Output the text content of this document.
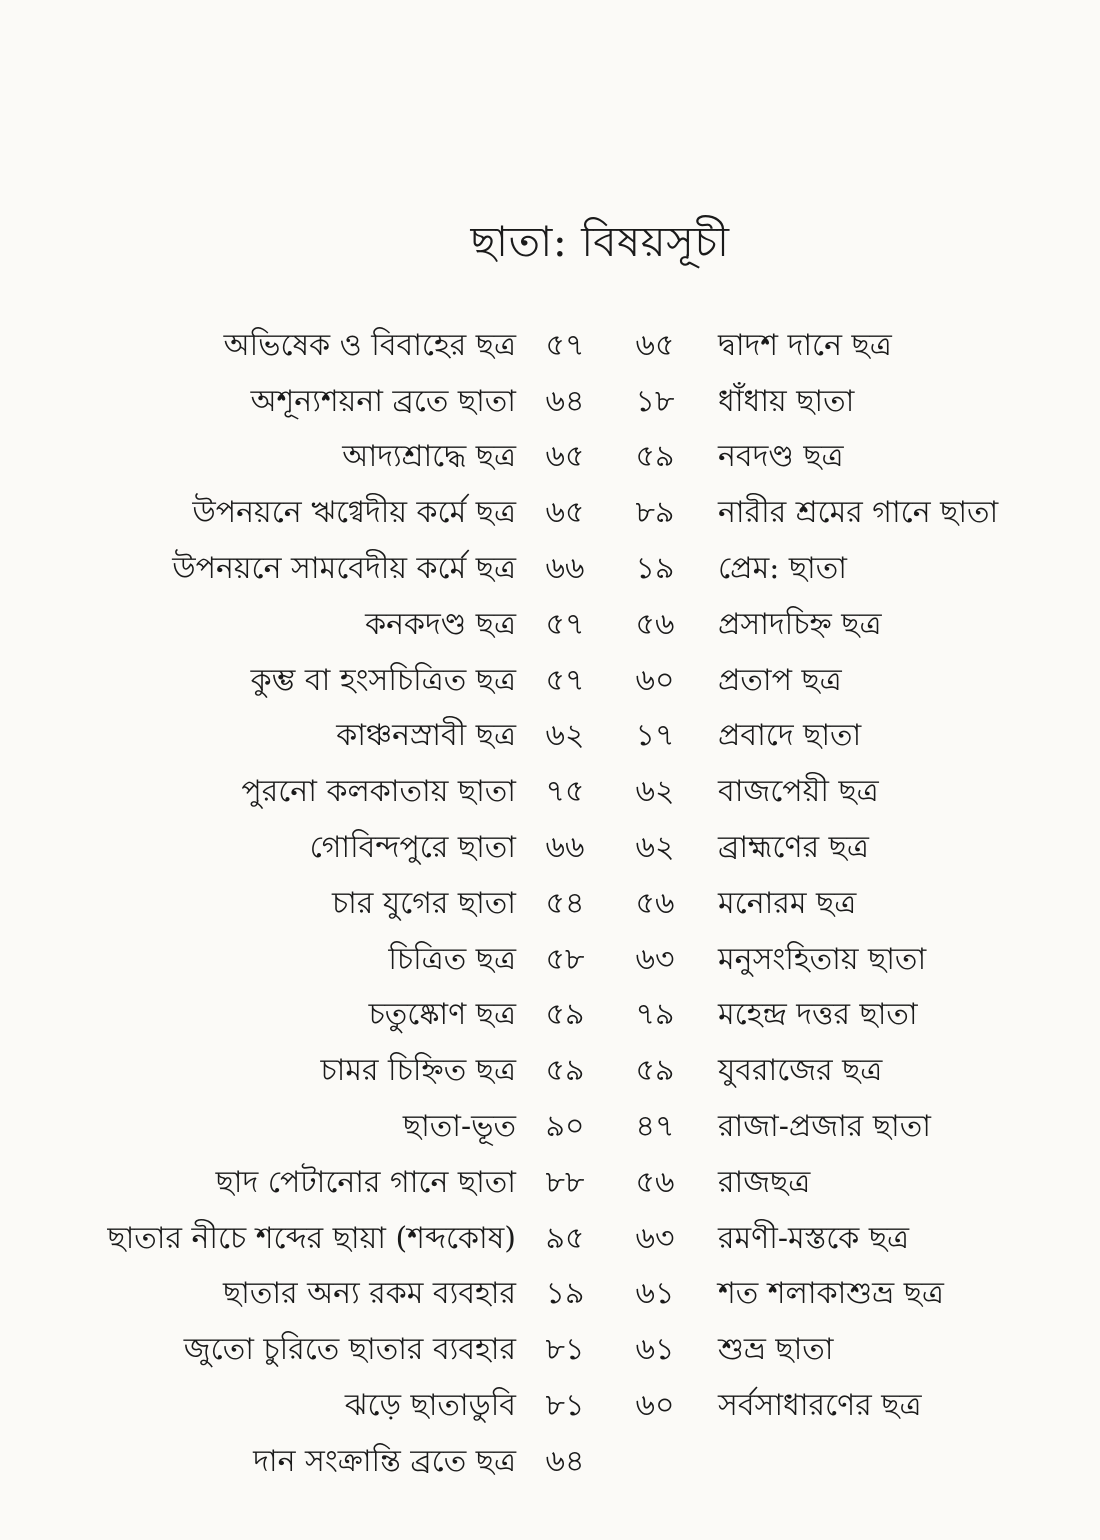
ছাতা: বিষয়সূচী
অভিষেক ও বিবাহের ছত্র ৫৭	৬৫	দ্বাদশ দানে ছত্র
অশূন্যশয়না ব্রতে ছাতা ৬৪	১৮	ধাঁধায় ছাতা
আদ্যশ্রাদ্ধে ছত্র ৬৫	৫৯	নবদণ্ড ছত্র
উপনয়নে ঋগ্বেদীয় কর্মে ছত্র ৬৫	৮৯	নারীর শ্রমের গানে ছাতা
উপনয়নে সামবেদীয় কর্মে ছত্র ৬৬	১৯	প্রেম: ছাতা
কনকদণ্ড ছত্র ৫৭	৫৬	প্রসাদচিহ্ন ছত্র
কুম্ভ বা হংসচিত্রিত ছত্র ৫৭	৬০	প্রতাপ ছত্র
কাঞ্চনস্রাবী ছত্র ৬২	১৭	প্রবাদে ছাতা
পুরনো কলকাতায় ছাতা ৭৫	৬২	বাজপেয়ী ছত্র
গোবিন্দপুরে ছাতা ৬৬	৬২	ব্রাহ্মণের ছত্র
চার যুগের ছাতা ৫৪	৫৬	মনোরম ছত্র
চিত্রিত ছত্র ৫৮	৬৩	মনুসংহিতায় ছাতা
চতুষ্কোণ ছত্র ৫৯	৭৯	মহেন্দ্র দত্তর ছাতা
চামর চিহ্নিত ছত্র ৫৯	৫৯	যুবরাজের ছত্র
ছাতা-ভূত ৯০	৪৭	রাজা-প্রজার ছাতা
ছাদ পেটানোর গানে ছাতা ৮৮	৫৬	রাজছত্র
ছাতার নীচে শব্দের ছায়া (শব্দকোষ) ৯৫	৬৩	রমণী-মস্তকে ছত্র
ছাতার অন্য রকম ব্যবহার ১৯	৬১	শত শলাকাশুভ্র ছত্র
জুতো চুরিতে ছাতার ব্যবহার ৮১	৬১	শুভ্র ছাতা
ঝড়ে ছাতাডুবি ৮১	৬০	সর্বসাধারণের ছত্র
দান সংক্রান্তি ব্রতে ছত্র ৬৪
